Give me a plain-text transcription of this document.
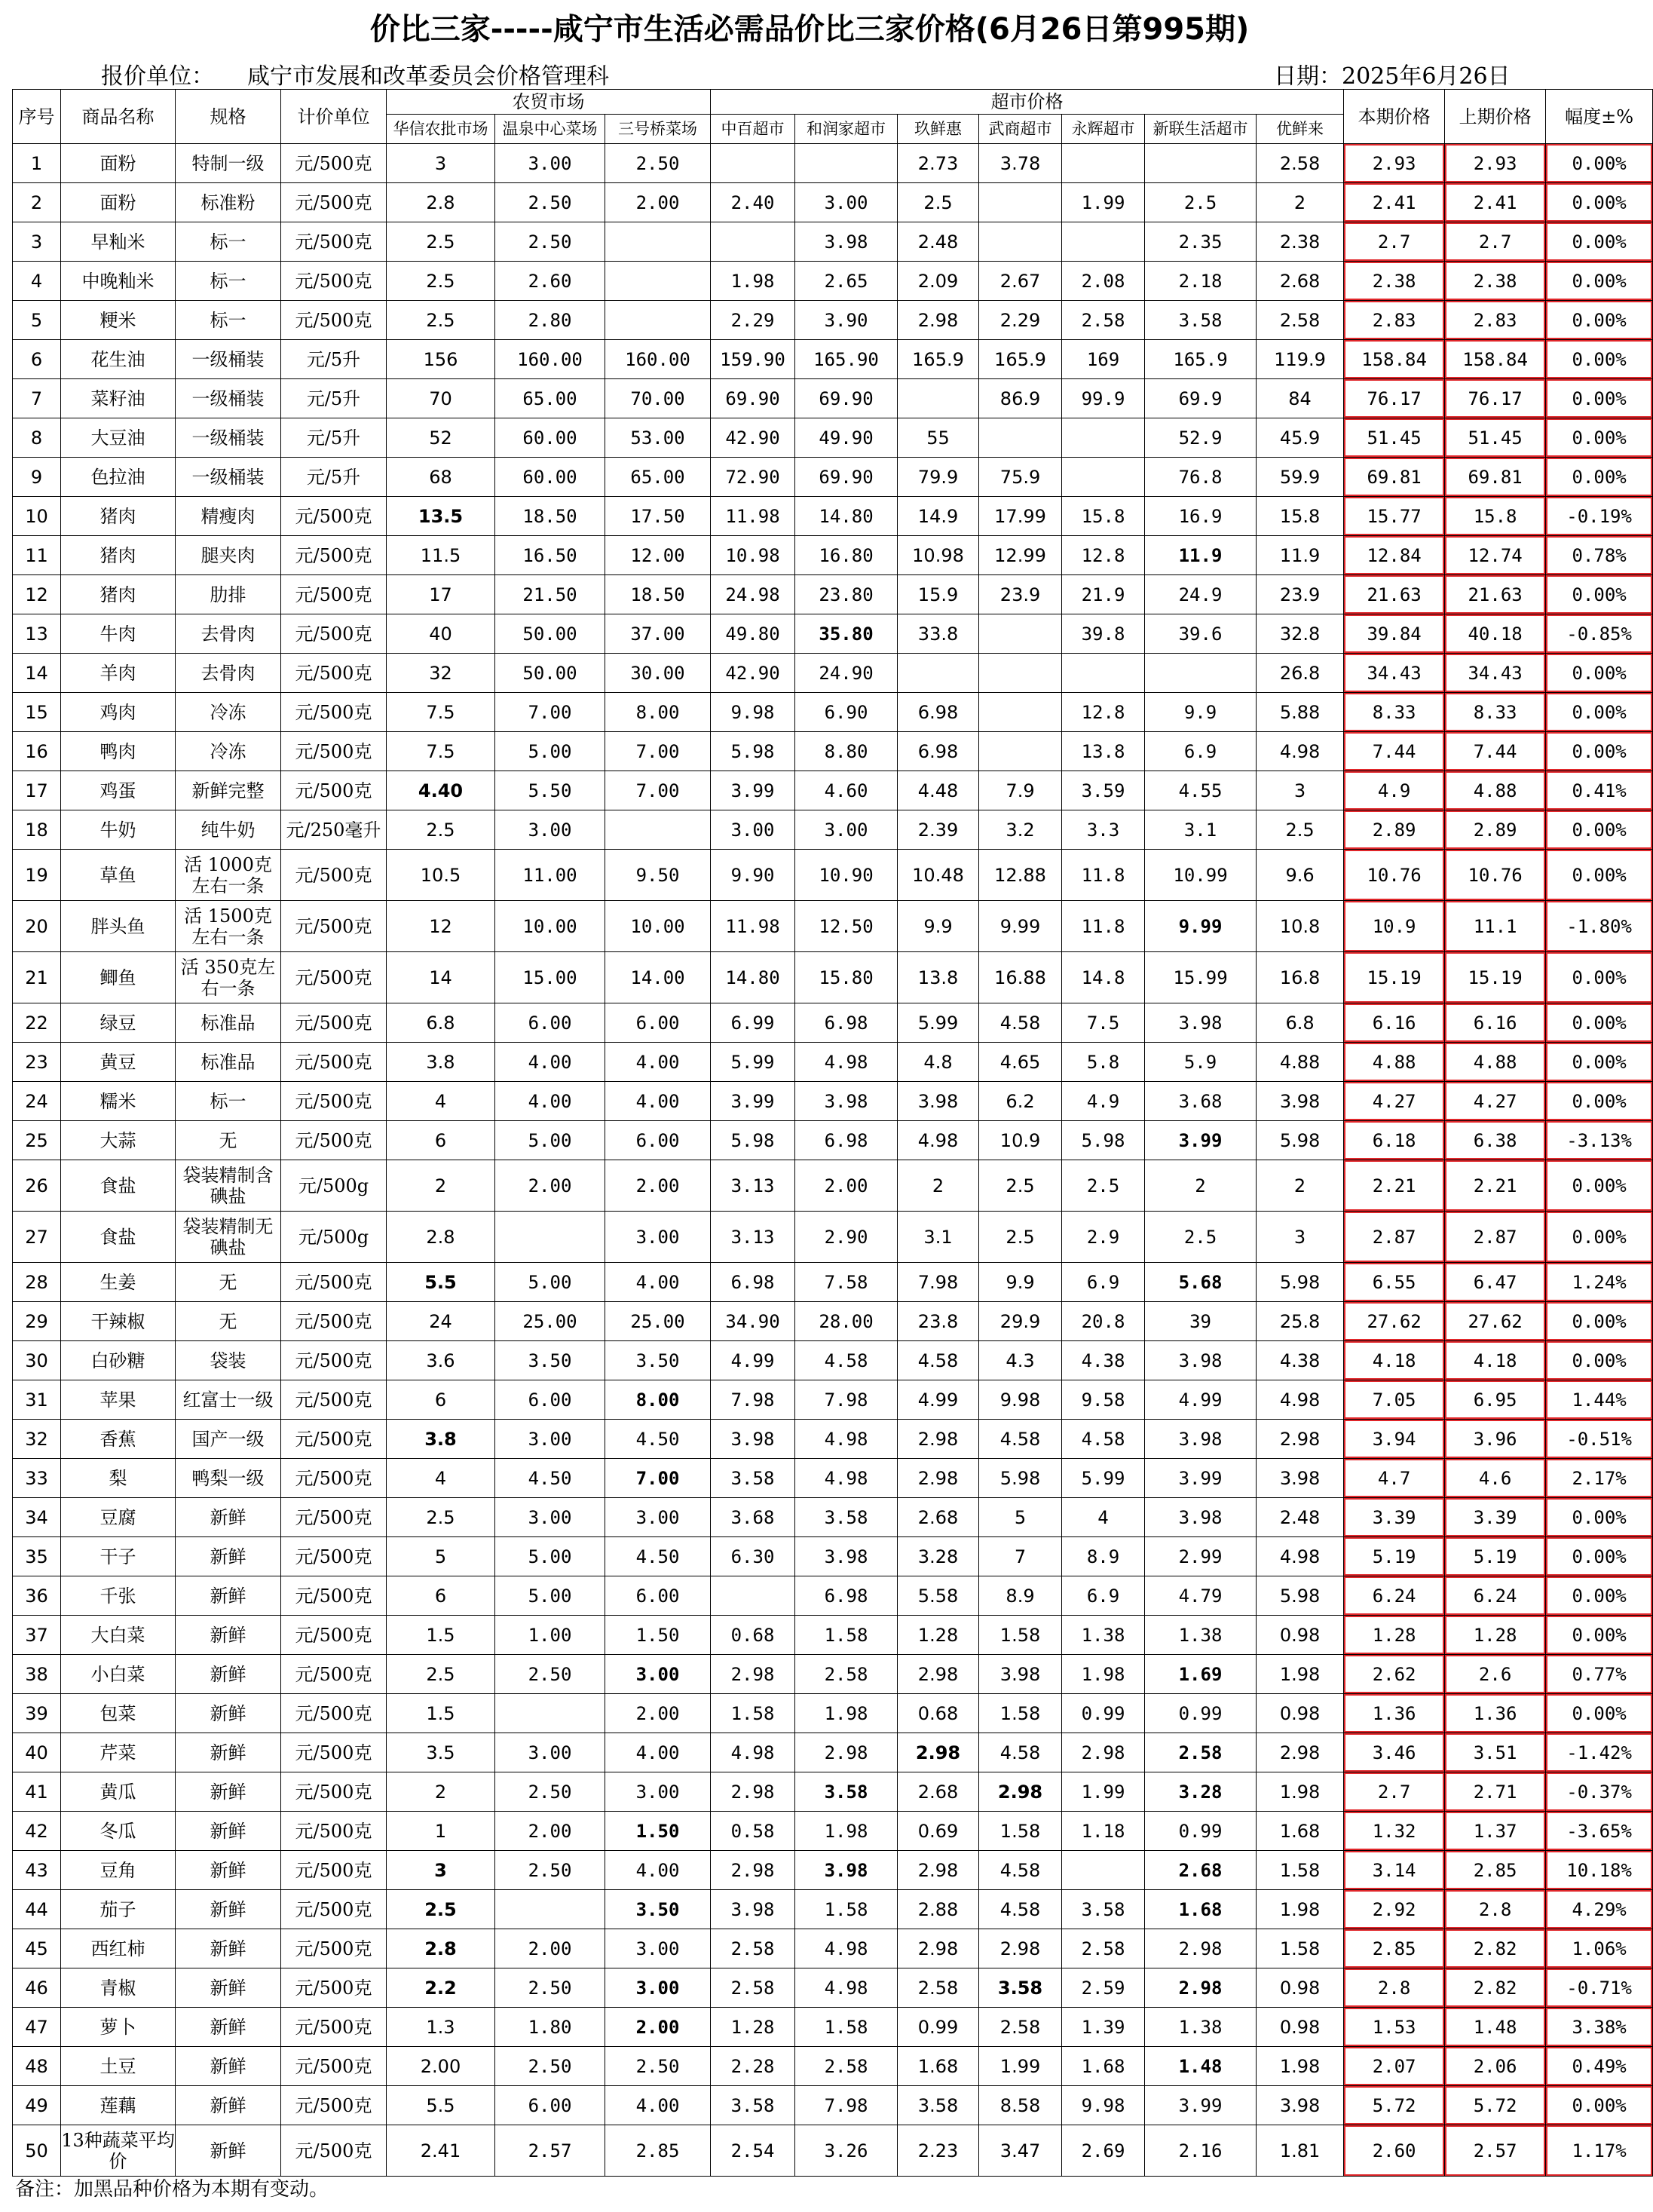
价比三家-----咸宁市生活必需品价比三家价格(6月26日第995期)
报价单位： 咸宁市发展和改革委员会价格管理科	日期：2025年6月26日
序号	商品名称	规格	计价单位	农贸市场			超市价格							本期价格	上期价格	幅度±%
				华信农批市场	温泉中心菜场	三号桥菜场	中百超市	和润家超市	玖鲜惠	武商超市	永辉超市	新联生活超市	优鲜来			
1	面粉	特制一级	元/500克	3	3.00	2.50			2.73	3.78			2.58	2.93	2.93	0.00%
2	面粉	标准粉	元/500克	2.8	2.50	2.00	2.40	3.00	2.5		1.99	2.5	2	2.41	2.41	0.00%
3	早籼米	标一	元/500克	2.5	2.50			3.98	2.48			2.35	2.38	2.7	2.7	0.00%
4	中晚籼米	标一	元/500克	2.5	2.60		1.98	2.65	2.09	2.67	2.08	2.18	2.68	2.38	2.38	0.00%
5	粳米	标一	元/500克	2.5	2.80		2.29	3.90	2.98	2.29	2.58	3.58	2.58	2.83	2.83	0.00%
6	花生油	一级桶装	元/5升	156	160.00	160.00	159.90	165.90	165.9	165.9	169	165.9	119.9	158.84	158.84	0.00%
7	菜籽油	一级桶装	元/5升	70	65.00	70.00	69.90	69.90		86.9	99.9	69.9	84	76.17	76.17	0.00%
8	大豆油	一级桶装	元/5升	52	60.00	53.00	42.90	49.90	55			52.9	45.9	51.45	51.45	0.00%
9	色拉油	一级桶装	元/5升	68	60.00	65.00	72.90	69.90	79.9	75.9		76.8	59.9	69.81	69.81	0.00%
10	猪肉	精瘦肉	元/500克	13.5	18.50	17.50	11.98	14.80	14.9	17.99	15.8	16.9	15.8	15.77	15.8	-0.19%
11	猪肉	腿夹肉	元/500克	11.5	16.50	12.00	10.98	16.80	10.98	12.99	12.8	11.9	11.9	12.84	12.74	0.78%
12	猪肉	肋排	元/500克	17	21.50	18.50	24.98	23.80	15.9	23.9	21.9	24.9	23.9	21.63	21.63	0.00%
13	牛肉	去骨肉	元/500克	40	50.00	37.00	49.80	35.80	33.8		39.8	39.6	32.8	39.84	40.18	-0.85%
14	羊肉	去骨肉	元/500克	32	50.00	30.00	42.90	24.90					26.8	34.43	34.43	0.00%
15	鸡肉	冷冻	元/500克	7.5	7.00	8.00	9.98	6.90	6.98		12.8	9.9	5.88	8.33	8.33	0.00%
16	鸭肉	冷冻	元/500克	7.5	5.00	7.00	5.98	8.80	6.98		13.8	6.9	4.98	7.44	7.44	0.00%
17	鸡蛋	新鲜完整	元/500克	4.40	5.50	7.00	3.99	4.60	4.48	7.9	3.59	4.55	3	4.9	4.88	0.41%
18	牛奶	纯牛奶	元/250毫升	2.5	3.00		3.00	3.00	2.39	3.2	3.3	3.1	2.5	2.89	2.89	0.00%
19	草鱼	活 1000克左右一条	元/500克	10.5	11.00	9.50	9.90	10.90	10.48	12.88	11.8	10.99	9.6	10.76	10.76	0.00%
20	胖头鱼	活 1500克左右一条	元/500克	12	10.00	10.00	11.98	12.50	9.9	9.99	11.8	9.99	10.8	10.9	11.1	-1.80%
21	鲫鱼	活 350克左右一条	元/500克	14	15.00	14.00	14.80	15.80	13.8	16.88	14.8	15.99	16.8	15.19	15.19	0.00%
22	绿豆	标准品	元/500克	6.8	6.00	6.00	6.99	6.98	5.99	4.58	7.5	3.98	6.8	6.16	6.16	0.00%
23	黄豆	标准品	元/500克	3.8	4.00	4.00	5.99	4.98	4.8	4.65	5.8	5.9	4.88	4.88	4.88	0.00%
24	糯米	标一	元/500克	4	4.00	4.00	3.99	3.98	3.98	6.2	4.9	3.68	3.98	4.27	4.27	0.00%
25	大蒜	无	元/500克	6	5.00	6.00	5.98	6.98	4.98	10.9	5.98	3.99	5.98	6.18	6.38	-3.13%
26	食盐	袋装精制含碘盐	元/500g	2	2.00	2.00	3.13	2.00	2	2.5	2.5	2	2	2.21	2.21	0.00%
27	食盐	袋装精制无碘盐	元/500g	2.8		3.00	3.13	2.90	3.1	2.5	2.9	2.5	3	2.87	2.87	0.00%
28	生姜	无	元/500克	5.5	5.00	4.00	6.98	7.58	7.98	9.9	6.9	5.68	5.98	6.55	6.47	1.24%
29	干辣椒	无	元/500克	24	25.00	25.00	34.90	28.00	23.8	29.9	20.8	39	25.8	27.62	27.62	0.00%
30	白砂糖	袋装	元/500克	3.6	3.50	3.50	4.99	4.58	4.58	4.3	4.38	3.98	4.38	4.18	4.18	0.00%
31	苹果	红富士一级	元/500克	6	6.00	8.00	7.98	7.98	4.99	9.98	9.58	4.99	4.98	7.05	6.95	1.44%
32	香蕉	国产一级	元/500克	3.8	3.00	4.50	3.98	4.98	2.98	4.58	4.58	3.98	2.98	3.94	3.96	-0.51%
33	梨	鸭梨一级	元/500克	4	4.50	7.00	3.58	4.98	2.98	5.98	5.99	3.99	3.98	4.7	4.6	2.17%
34	豆腐	新鲜	元/500克	2.5	3.00	3.00	3.68	3.58	2.68	5	4	3.98	2.48	3.39	3.39	0.00%
35	干子	新鲜	元/500克	5	5.00	4.50	6.30	3.98	3.28	7	8.9	2.99	4.98	5.19	5.19	0.00%
36	千张	新鲜	元/500克	6	5.00	6.00		6.98	5.58	8.9	6.9	4.79	5.98	6.24	6.24	0.00%
37	大白菜	新鲜	元/500克	1.5	1.00	1.50	0.68	1.58	1.28	1.58	1.38	1.38	0.98	1.28	1.28	0.00%
38	小白菜	新鲜	元/500克	2.5	2.50	3.00	2.98	2.58	2.98	3.98	1.98	1.69	1.98	2.62	2.6	0.77%
39	包菜	新鲜	元/500克	1.5		2.00	1.58	1.98	0.68	1.58	0.99	0.99	0.98	1.36	1.36	0.00%
40	芹菜	新鲜	元/500克	3.5	3.00	4.00	4.98	2.98	2.98	4.58	2.98	2.58	2.98	3.46	3.51	-1.42%
41	黄瓜	新鲜	元/500克	2	2.50	3.00	2.98	3.58	2.68	2.98	1.99	3.28	1.98	2.7	2.71	-0.37%
42	冬瓜	新鲜	元/500克	1	2.00	1.50	0.58	1.98	0.69	1.58	1.18	0.99	1.68	1.32	1.37	-3.65%
43	豆角	新鲜	元/500克	3	2.50	4.00	2.98	3.98	2.98	4.58		2.68	1.58	3.14	2.85	10.18%
44	茄子	新鲜	元/500克	2.5		3.50	3.98	1.58	2.88	4.58	3.58	1.68	1.98	2.92	2.8	4.29%
45	西红柿	新鲜	元/500克	2.8	2.00	3.00	2.58	4.98	2.98	2.98	2.58	2.98	1.58	2.85	2.82	1.06%
46	青椒	新鲜	元/500克	2.2	2.50	3.00	2.58	4.98	2.58	3.58	2.59	2.98	0.98	2.8	2.82	-0.71%
47	萝卜	新鲜	元/500克	1.3	1.80	2.00	1.28	1.58	0.99	2.58	1.39	1.38	0.98	1.53	1.48	3.38%
48	土豆	新鲜	元/500克	2.00	2.50	2.50	2.28	2.58	1.68	1.99	1.68	1.48	1.98	2.07	2.06	0.49%
49	莲藕	新鲜	元/500克	5.5	6.00	4.00	3.58	7.98	3.58	8.58	9.98	3.99	3.98	5.72	5.72	0.00%
50	13种蔬菜平均价	新鲜	元/500克	2.41	2.57	2.85	2.54	3.26	2.23	3.47	2.69	2.16	1.81	2.60	2.57	1.17%
备注：加黑品种价格为本期有变动。
